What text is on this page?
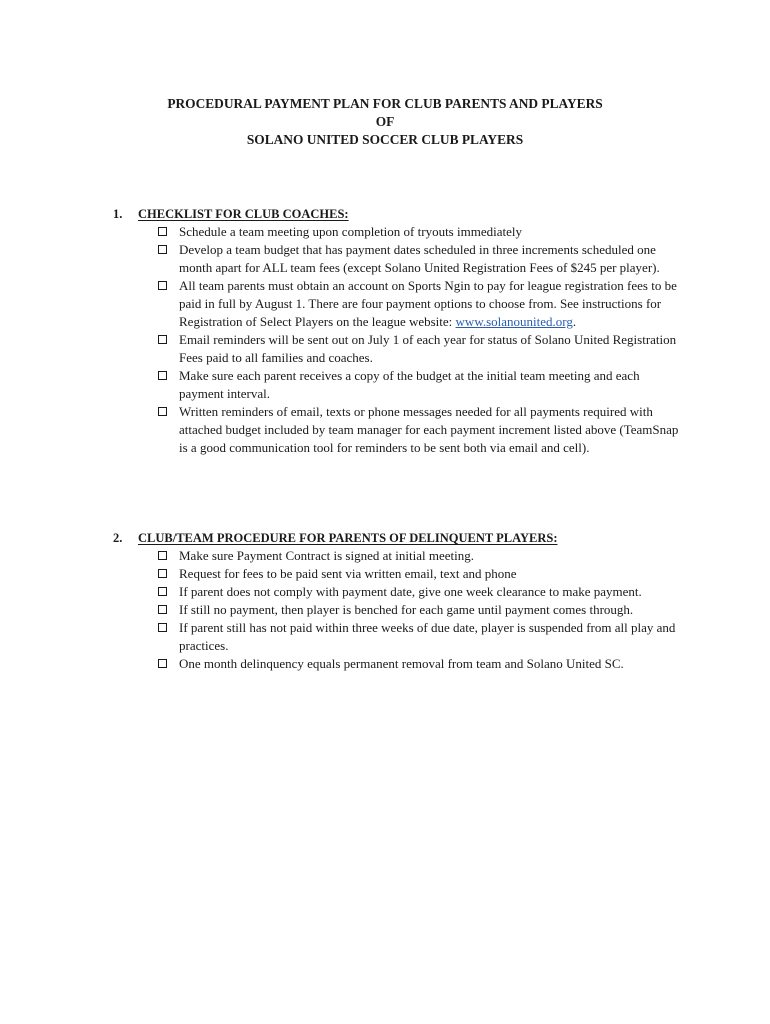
PROCEDURAL PAYMENT PLAN FOR CLUB PARENTS AND PLAYERS
OF
SOLANO UNITED SOCCER CLUB PLAYERS
1.	CHECKLIST FOR CLUB COACHES:
Schedule a team meeting upon completion of tryouts immediately
Develop a team budget that has payment dates scheduled in three increments scheduled one month apart for ALL team fees (except Solano United Registration Fees of $245 per player).
All team parents must obtain an account on Sports Ngin to pay for league registration fees to be paid in full by August 1. There are four payment options to choose from. See instructions for Registration of Select Players on the league website: www.solanounited.org.
Email reminders will be sent out on July 1 of each year for status of Solano United Registration Fees paid to all families and coaches.
Make sure each parent receives a copy of the budget at the initial team meeting and each payment interval.
Written reminders of email, texts or phone messages needed for all payments required with attached budget included by team manager for each payment increment listed above (TeamSnap is a good communication tool for reminders to be sent both via email and cell).
2.	CLUB/TEAM PROCEDURE FOR PARENTS OF DELINQUENT PLAYERS:
Make sure Payment Contract is signed at initial meeting.
Request for fees to be paid sent via written email, text and phone
If parent does not comply with payment date, give one week clearance to make payment.
If still no payment, then player is benched for each game until payment comes through.
If parent still has not paid within three weeks of due date, player is suspended from all play and practices.
One month delinquency equals permanent removal from team and Solano United SC.
